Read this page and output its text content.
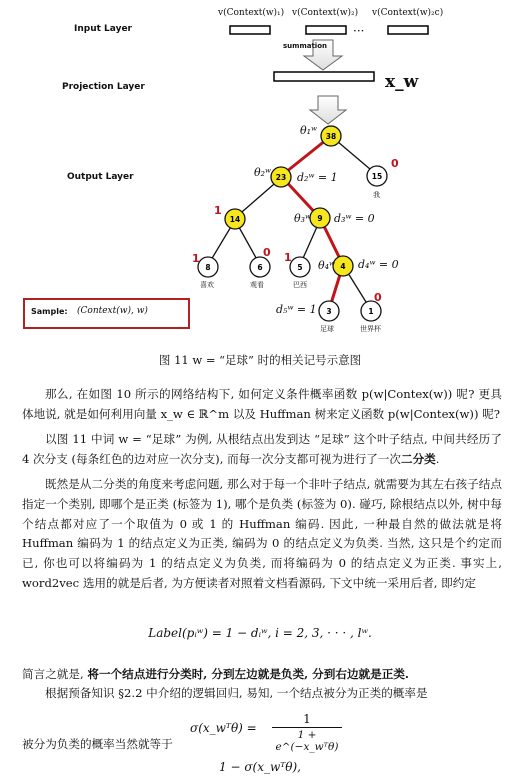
38
23	15
14	9
8	6	5	4
3	1
Input Layer
Projection Layer
Output Layer
v(Context(w)₁) v(Context(w)₂) v(Context(w)₂c)
···
summation
x_w
θ₁ʷ
θ₂ʷ
θ₃ʷ
θ₄ʷ
d₂ʷ = 1
d₃ʷ = 0
d₄ʷ = 0
d₅ʷ = 1
0
1
1	0 1
0
喜欢	观看	巴西
足球	世界杯
我
Sample: (Context(w), w)
图 11 w = “足球” 时的相关记号示意图
那么, 在如图 10 所示的网络结构下, 如何定义条件概率函数 p(w|Contex(w)) 呢? 更具体地说, 就是如何利用向量 x_w ∈ ℝ^m 以及 Huffman 树来定义函数 p(w|Contex(w)) 呢?
以图 11 中词 w = “足球” 为例, 从根结点出发到达 “足球” 这个叶子结点, 中间共经历了 4 次分支 (每条红色的边对应一次分支), 而每一次分支都可视为进行了一次二分类.
既然是从二分类的角度来考虑问题, 那么对于每一个非叶子结点, 就需要为其左右孩子结点指定一个类别, 即哪个是正类 (标签为 1), 哪个是负类 (标签为 0). 碰巧, 除根结点以外, 树中每个结点都对应了一个取值为 0 或 1 的 Huffman 编码. 因此, 一种最自然的做法就是将 Huffman 编码为 1 的结点定义为正类, 编码为 0 的结点定义为负类. 当然, 这只是个约定而已, 你也可以将编码为 1 的结点定义为负类, 而将编码为 0 的结点定义为正类. 事实上, word2vec 选用的就是后者, 为方便读者对照着文档看源码, 下文中统一采用后者, 即约定
Label(pᵢʷ) = 1 − dᵢʷ, i = 2, 3, · · · , lʷ.
简言之就是, 将一个结点进行分类时, 分到左边就是负类, 分到右边就是正类.
根据预备知识 §2.2 中介绍的逻辑回归, 易知, 一个结点被分为正类的概率是
σ(x_wᵀθ) =
1
1 + e^(−x_wᵀθ)
被分为负类的概率当然就等于
1 − σ(x_wᵀθ),
